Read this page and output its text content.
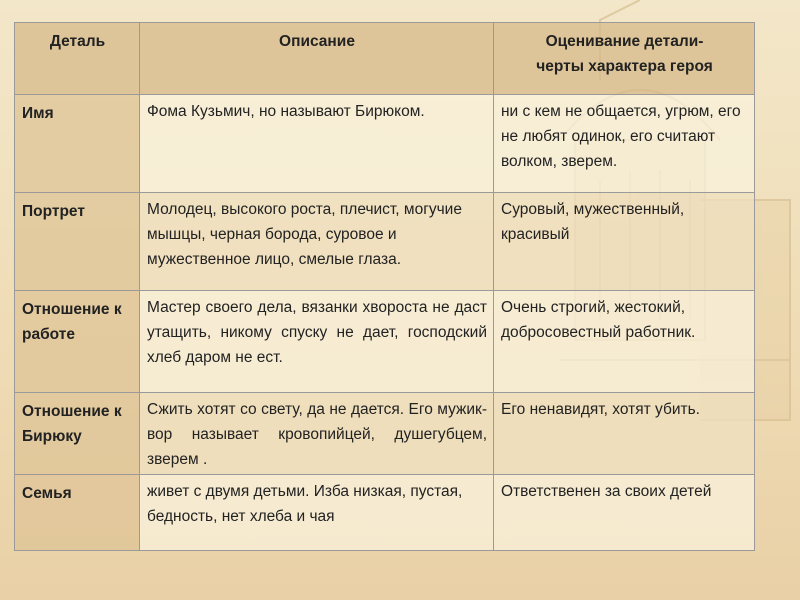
Деталь	Описание	Оценивание детали-
черты характера героя
Имя	Фома Кузьмич, но называют Бирюком.	ни с кем не общается, угрюм, его не любят одинок, его считают волком, зверем.
Портрет	Молодец, высокого роста, плечист, могучие мышцы, черная борода, суровое и мужественное лицо, смелые глаза.	Суровый, мужественный, красивый
Отношение к работе	Мастер своего дела, вязанки хвороста не даст утащить, никому спуску не дает, господский хлеб даром не ест.	Очень строгий, жестокий, добросовестный работник.
Отношение к Бирюку	Сжить хотят со свету, да не дается. Его мужик-вор называет кровопийцей, душегубцем, зверем .	Его ненавидят, хотят убить.
Семья	живет с двумя детьми. Изба низкая, пустая, бедность, нет хлеба и чая	Ответственен за своих детей
